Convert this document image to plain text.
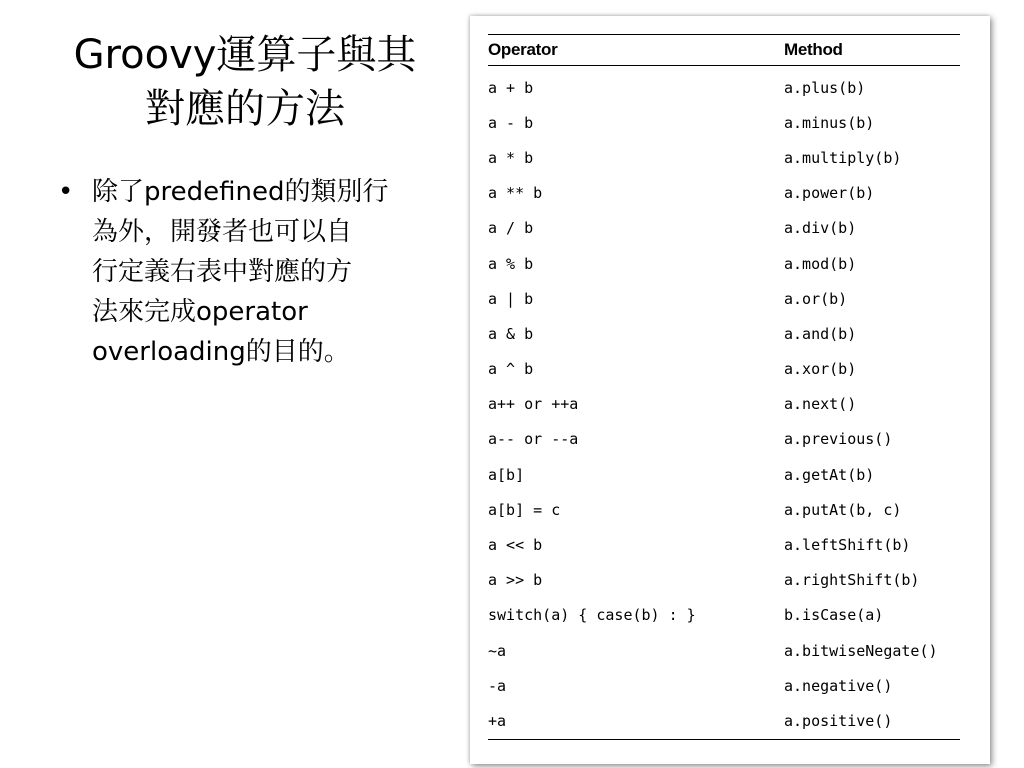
Groovy運算子與其
對應的方法
• 除了predefined的類別行
為外，開發者也可以自
行定義右表中對應的方
法來完成operator
overloading的目的。
Operator	Method
a + b	a.plus(b)
a - b	a.minus(b)
a * b	a.multiply(b)
a ** b	a.power(b)
a / b	a.div(b)
a % b	a.mod(b)
a | b	a.or(b)
a & b	a.and(b)
a ^ b	a.xor(b)
a++ or ++a	a.next()
a-- or --a	a.previous()
a[b]	a.getAt(b)
a[b] = c	a.putAt(b, c)
a << b	a.leftShift(b)
a >> b	a.rightShift(b)
switch(a) { case(b) : }	b.isCase(a)
~a	a.bitwiseNegate()
-a	a.negative()
+a	a.positive()
